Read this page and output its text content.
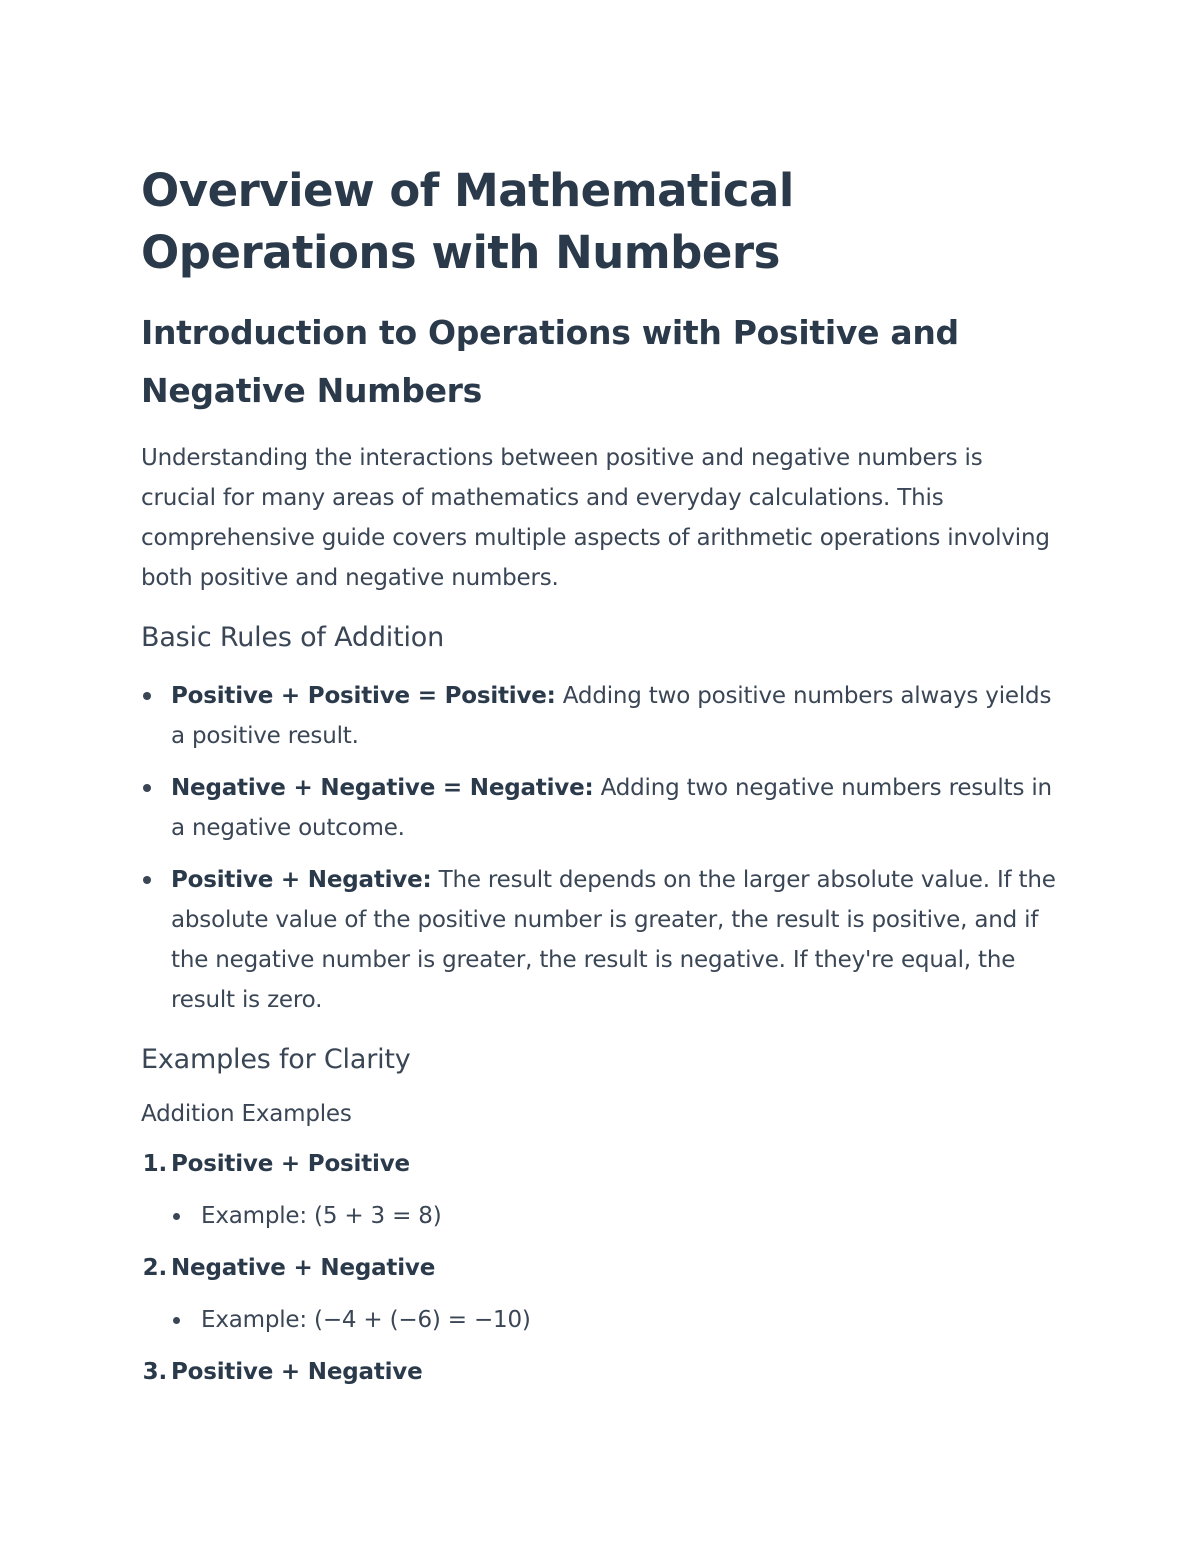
Overview of Mathematical Operations with Numbers
Introduction to Operations with Positive and Negative Numbers

Understanding the interactions between positive and negative numbers is crucial for many areas of mathematics and everyday calculations. This comprehensive guide covers multiple aspects of arithmetic operations involving both positive and negative numbers.

Basic Rules of Addition
Positive + Positive = Positive: Adding two positive numbers always yields a positive result.
Negative + Negative = Negative: Adding two negative numbers results in a negative outcome.
Positive + Negative: The result depends on the larger absolute value. If the absolute value of the positive number is greater, the result is positive, and if the negative number is greater, the result is negative. If they're equal, the result is zero.
Examples for Clarity
Addition Examples
1. Positive + Positive
Example: (5 + 3 = 8)
2. Negative + Negative
Example: (−4 + (−6) = −10)
3. Positive + Negative
